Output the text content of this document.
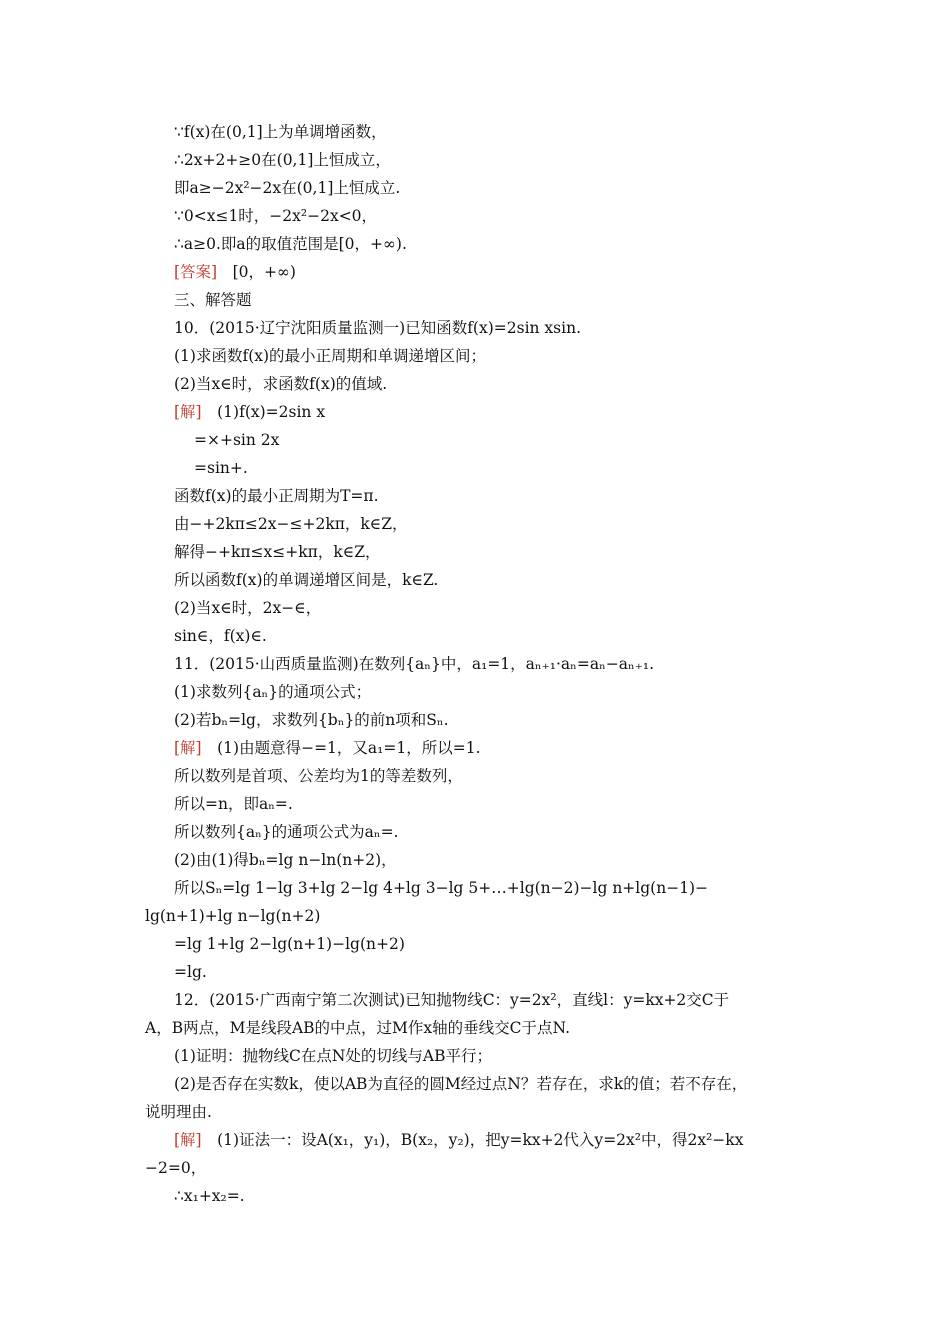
∵f(x)在(0,1]上为单调增函数，
∴2x+2+≥0在(0,1]上恒成立，
即a≥−2x²−2x在(0,1]上恒成立.
∵0<x≤1时，−2x²−2x<0，
∴a≥0.即a的取值范围是[0，+∞).
[答案]　 [0，+∞)
三、解答题
10．(2015·辽宁沈阳质量监测一)已知函数f(x)=2sin xsin.
(1)求函数f(x)的最小正周期和单调递增区间；
(2)当x∈时，求函数f(x)的值域.
[解]　 (1)f(x)=2sin x
=×+sin 2x
=sin+.
函数f(x)的最小正周期为T=π.
由−+2kπ≤2x−≤+2kπ，k∈Z，
解得−+kπ≤x≤+kπ，k∈Z，
所以函数f(x)的单调递增区间是，k∈Z.
(2)当x∈时，2x−∈，
sin∈，f(x)∈.
11．(2015·山西质量监测)在数列{aₙ}中，a₁=1，aₙ₊₁·aₙ=aₙ−aₙ₊₁.
(1)求数列{aₙ}的通项公式；
(2)若bₙ=lg，求数列{bₙ}的前n项和Sₙ.
[解]　 (1)由题意得−=1，又a₁=1，所以=1.
所以数列是首项、公差均为1的等差数列，
所以=n，即aₙ=.
所以数列{aₙ}的通项公式为aₙ=.
(2)由(1)得bₙ=lg n−ln(n+2)，
所以Sₙ=lg 1−lg 3+lg 2−lg 4+lg 3−lg 5+…+lg(n−2)−lg n+lg(n−1)−
lg(n+1)+lg n−lg(n+2)
=lg 1+lg 2−lg(n+1)−lg(n+2)
=lg.
12．(2015·广西南宁第二次测试)已知抛物线C：y=2x²，直线l：y=kx+2交C于
A，B两点，M是线段AB的中点，过M作x轴的垂线交C于点N.
(1)证明：抛物线C在点N处的切线与AB平行；
(2)是否存在实数k，使以AB为直径的圆M经过点N？若存在，求k的值；若不存在，
说明理由.
[解]　 (1)证法一：设A(x₁，y₁)，B(x₂，y₂)，把y=kx+2代入y=2x²中，得2x²−kx
−2=0，
∴x₁+x₂=.
